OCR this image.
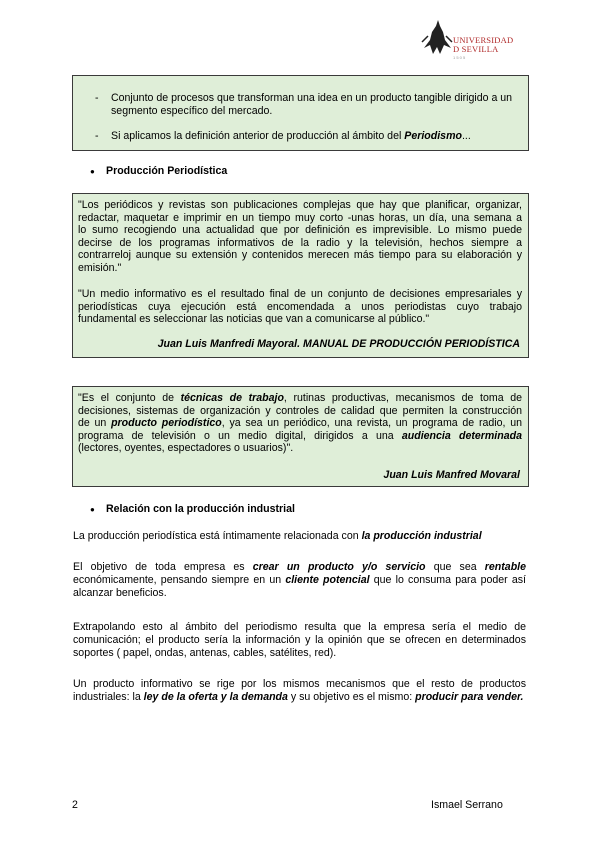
UNIVERSIDAD
D SEVILLA
1 5 0 5
- Conjunto de procesos que transforman una idea en un producto tangible dirigido a un segmento específico del mercado.
- Si aplicamos la definición anterior de producción al ámbito del Periodismo...
● Producción Periodística
"Los periódicos y revistas son publicaciones complejas que hay que planificar, organizar,
redactar, maquetar e imprimir en un tiempo muy corto -unas horas, un día, una semana a
lo sumo recogiendo una actualidad que por definición es imprevisible. Lo mismo puede
decirse de los programas informativos de la radio y la televisión, hechos siempre a
contrarreloj aunque su extensión y contenidos merecen más tiempo para su elaboración y
emisión."
"Un medio informativo es el resultado final de un conjunto de decisiones empresariales y
periodísticas cuya ejecución está encomendada a unos periodistas cuyo trabajo
fundamental es seleccionar las noticias que van a comunicarse al público."
Juan Luis Manfredi Mayoral. MANUAL DE PRODUCCIÓN PERIODÍSTICA
"Es el conjunto de técnicas de trabajo, rutinas productivas, mecanismos de toma de
decisiones, sistemas de organización y controles de calidad que permiten la construcción
de un producto periodístico, ya sea un periódico, una revista, un programa de radio, un
programa de televisión o un medio digital, dirigidos a una audiencia determinada
(lectores, oyentes, espectadores o usuarios)".
Juan Luis Manfred Movaral
● Relación con la producción industrial
La producción periodística está íntimamente relacionada con la producción industrial
El objetivo de toda empresa es crear un producto y/o servicio que sea rentable económicamente, pensando siempre en un cliente potencial que lo consuma para poder así alcanzar beneficios.
Extrapolando esto al ámbito del periodismo resulta que la empresa sería el medio de comunicación; el producto sería la información y la opinión que se ofrecen en determinados soportes ( papel, ondas, antenas, cables, satélites, red).
Un producto informativo se rige por los mismos mecanismos que el resto de productos industriales: la ley de la oferta y la demanda y su objetivo es el mismo: producir para vender.
2	Ismael Serrano
